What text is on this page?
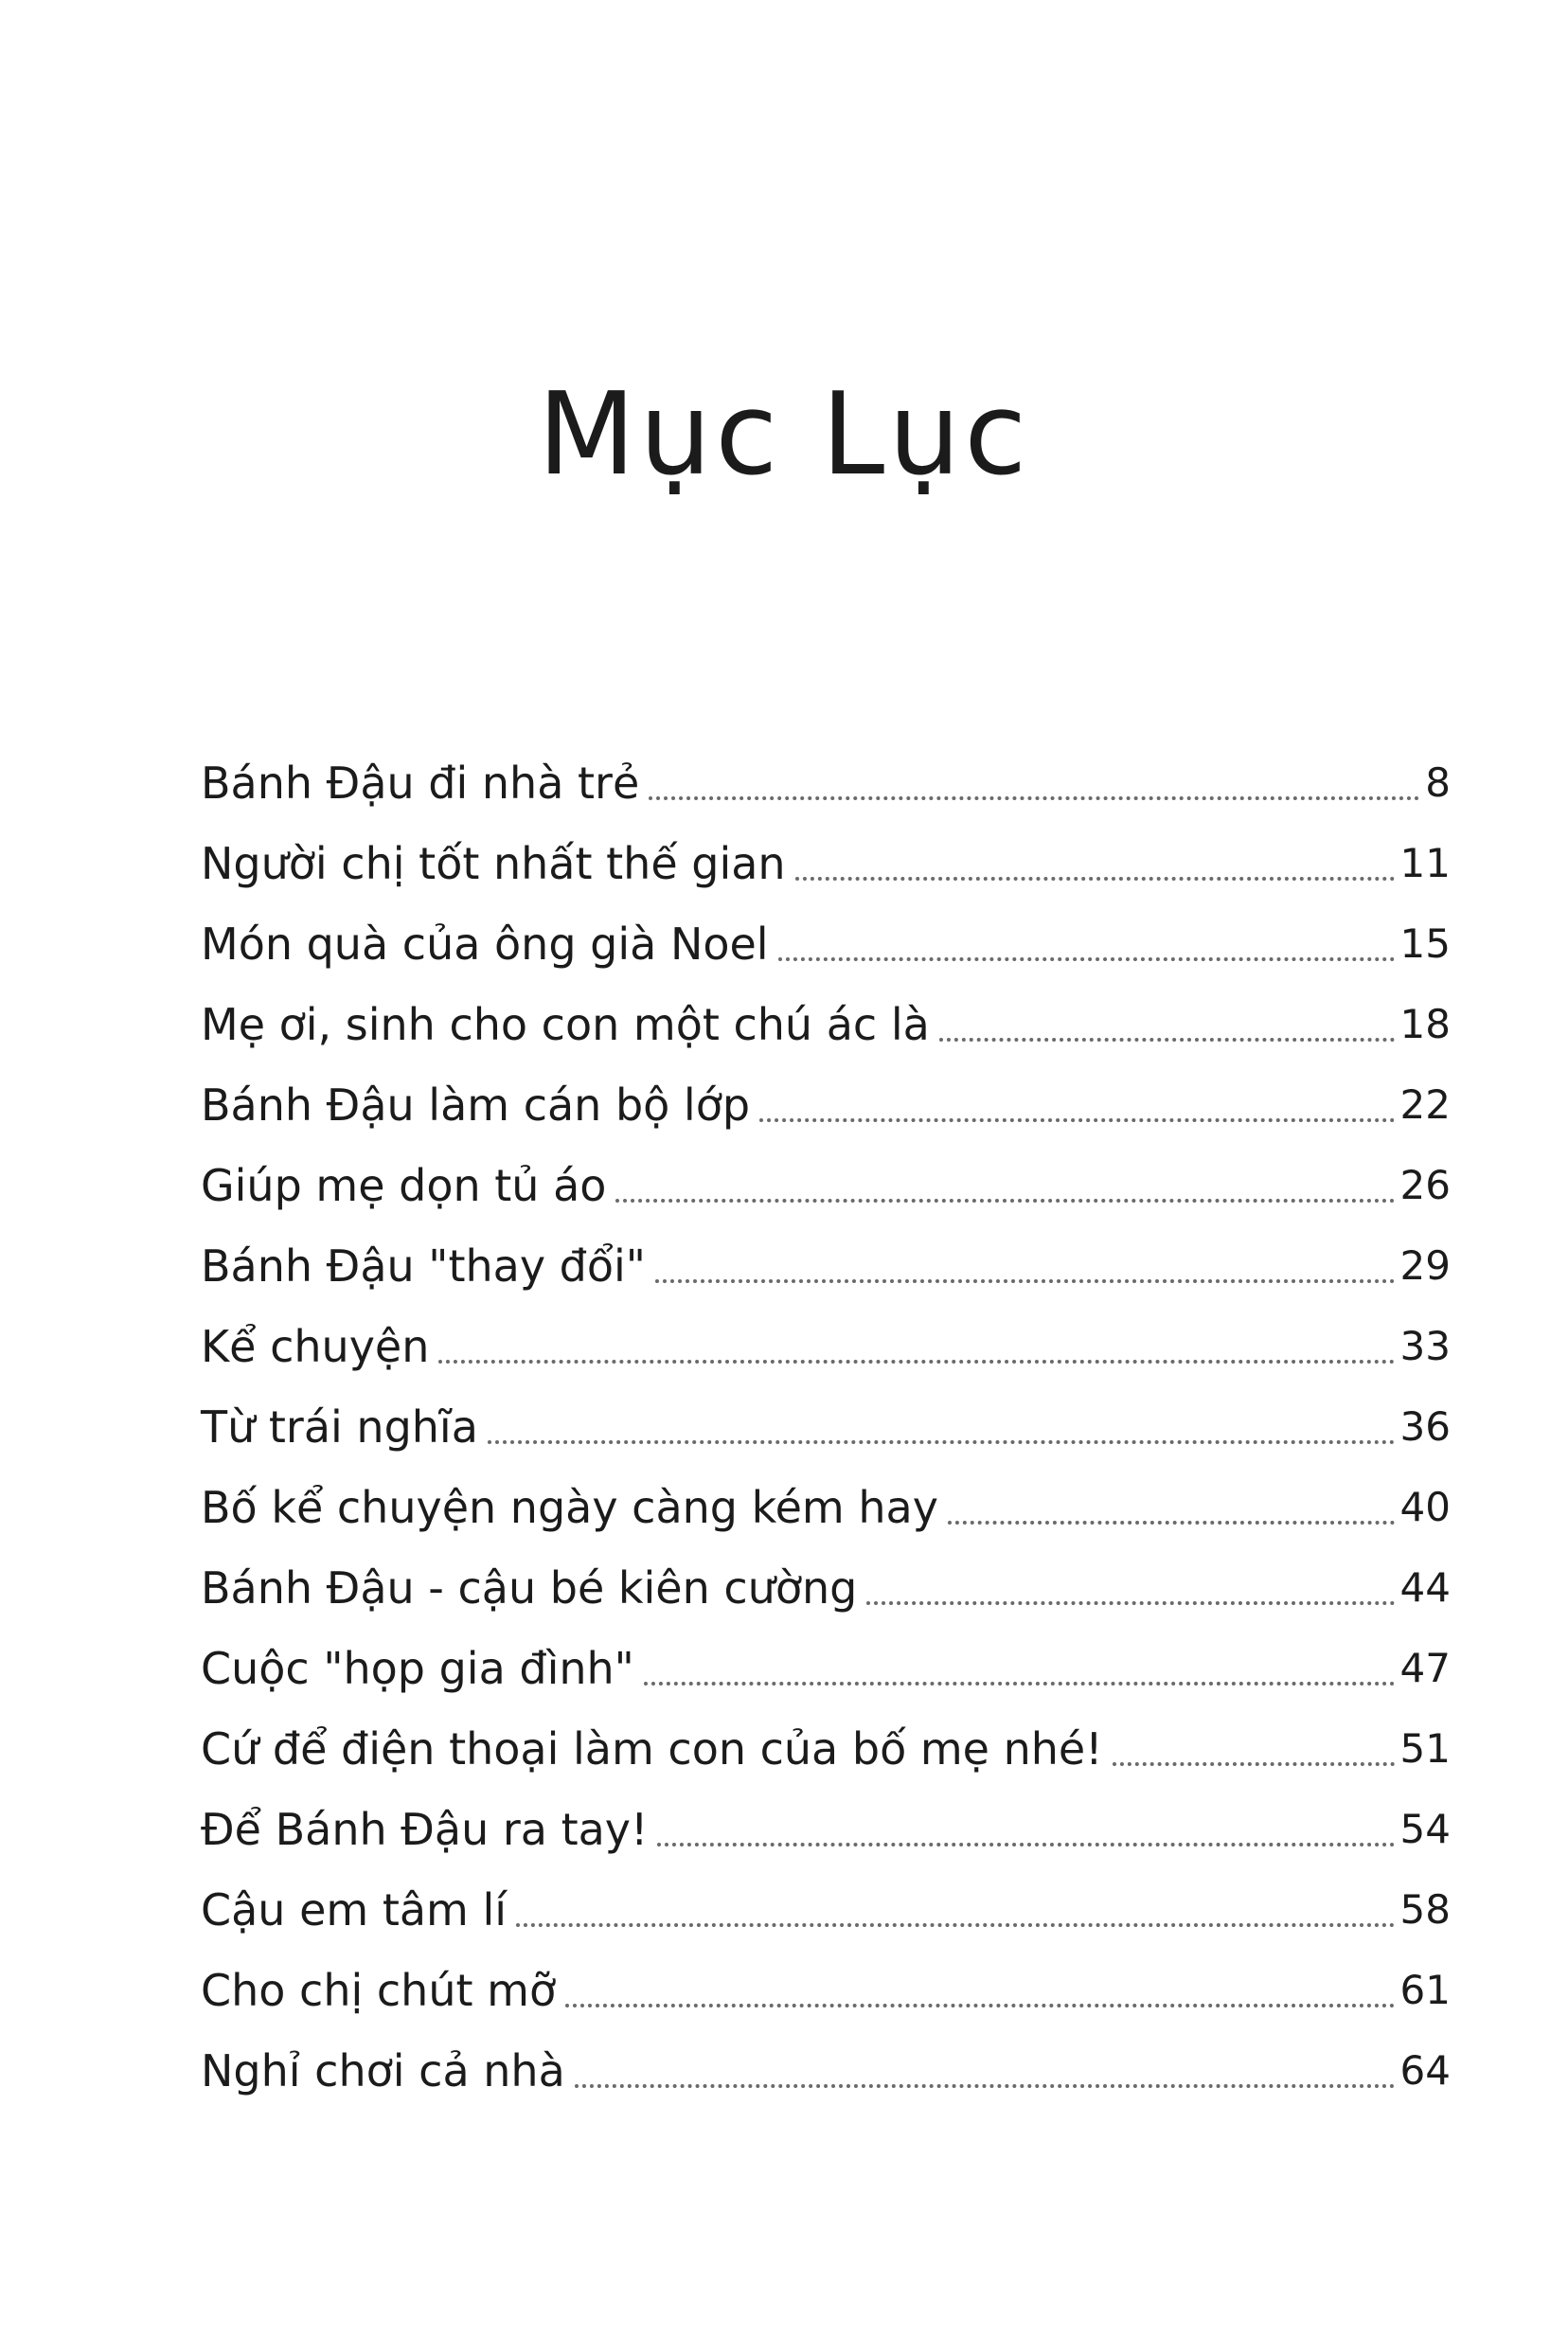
Mục Lục
Bánh Đậu đi nhà trẻ	8
Người chị tốt nhất thế gian	11
Món quà của ông già Noel	15
Mẹ ơi, sinh cho con một chú ác là	18
Bánh Đậu làm cán bộ lớp	22
Giúp mẹ dọn tủ áo	26
Bánh Đậu "thay đổi"	29
Kể chuyện	33
Từ trái nghĩa	36
Bố kể chuyện ngày càng kém hay	40
Bánh Đậu - cậu bé kiên cường	44
Cuộc "họp gia đình"	47
Cứ để điện thoại làm con của bố mẹ nhé!	51
Để Bánh Đậu ra tay!	54
Cậu em tâm lí	58
Cho chị chút mỡ	61
Nghỉ chơi cả nhà	64
